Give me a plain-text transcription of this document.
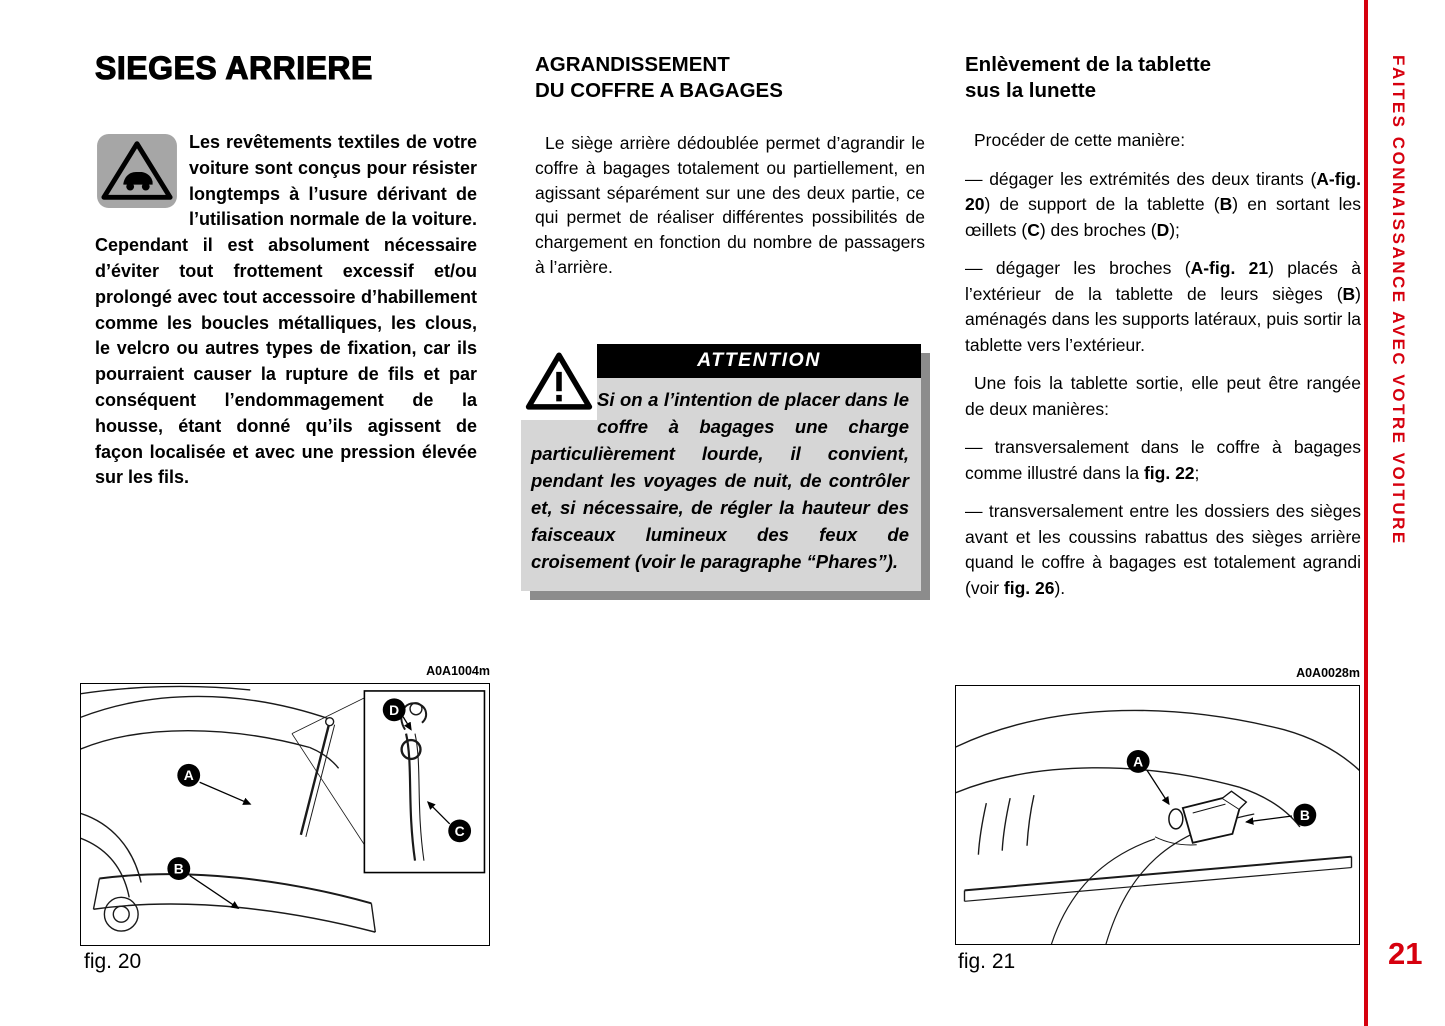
SIEGES ARRIERE

Les revêtements textiles de votre voiture sont conçus pour résister longtemps à l’usure dérivant de l’utilisation normale de la voiture. Cependant il est absolument nécessaire d’éviter tout frottement excessif et/ou prolongé avec tout accessoire d’habillement comme les boucles métalliques, les clous, le velcro ou autres types de fixation, car ils pourraient causer la rupture de fils et par conséquent l’endommagement de la housse, étant donné qu’ils agissent de façon localisée et avec une pression élevée sur les fils.

AGRANDISSEMENT
DU COFFRE A BAGAGES

Le siège arrière dédoublée permet d’agrandir le coffre à bagages totalement ou partiellement, en agissant séparément sur une des deux partie, ce qui permet de réaliser différentes possibilités de chargement en fonction du nombre de passagers à l’arrière.

ATTENTION
Si on a l’intention de placer dans le coffre à bagages une charge particulièrement lourde, il convient, pendant les voyages de nuit, de contrôler et, si nécessaire, de régler la hauteur des faisceaux lumineux des feux de croisement (voir le paragraphe “Phares”).
Enlèvement de la tablette
sus la lunette

Procéder de cette manière:

— dégager les extrémités des deux tirants (A-fig. 20) de support de la tablette (B) en sortant les œillets (C) des broches (D);

— dégager les broches (A-fig. 21) placés à l’extérieur de la tablette de leurs sièges (B) aménagés dans les supports latéraux, puis sortir la tablette vers l’extérieur.

Une fois la tablette sortie, elle peut être rangée de deux manières:

— transversalement dans le coffre à bagages comme illustré dans la fig. 22;

— transversalement entre les dossiers des sièges avant et les coussins rabattus des sièges arrière quand le coffre à bagages est totalement agrandi (voir fig. 26).

A0A1004m
A
B
D
C
fig. 20
A0A0028m
A
B
fig. 21
FAITES CONNAISSANCE AVEC VOTRE VOITURE
21
